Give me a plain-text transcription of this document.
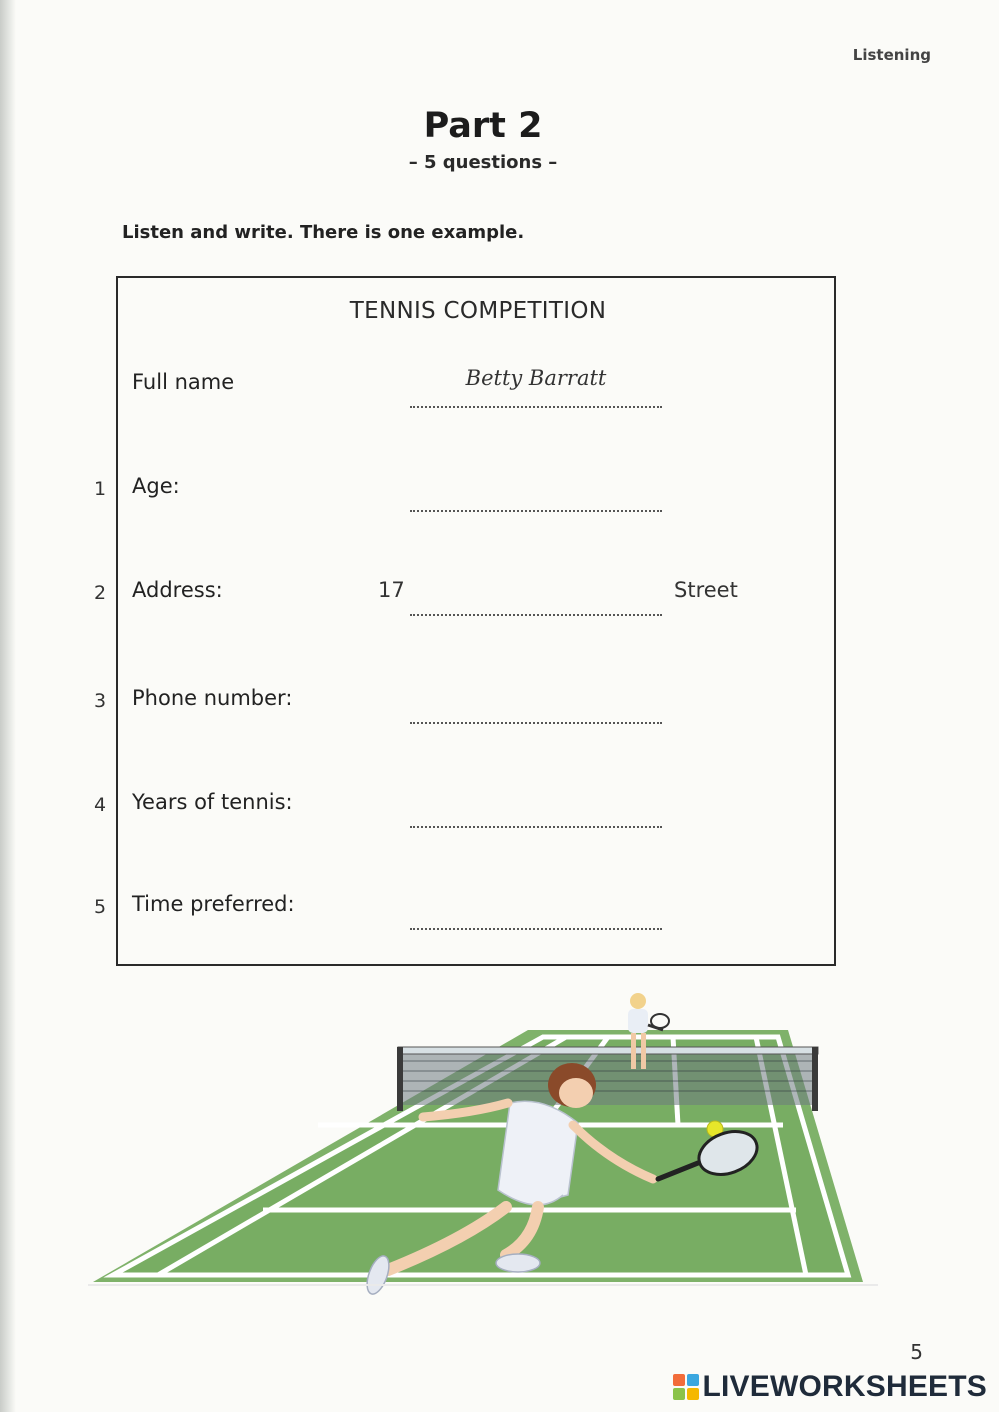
Listening
Part 2
– 5 questions –
Listen and write. There is one example.
TENNIS COMPETITION
Full name	Betty Barratt
1 Age:
2 Address:	17	Street
3 Phone number:
4 Years of tennis:
5 Time preferred:
5
LIVEWORKSHEETS
